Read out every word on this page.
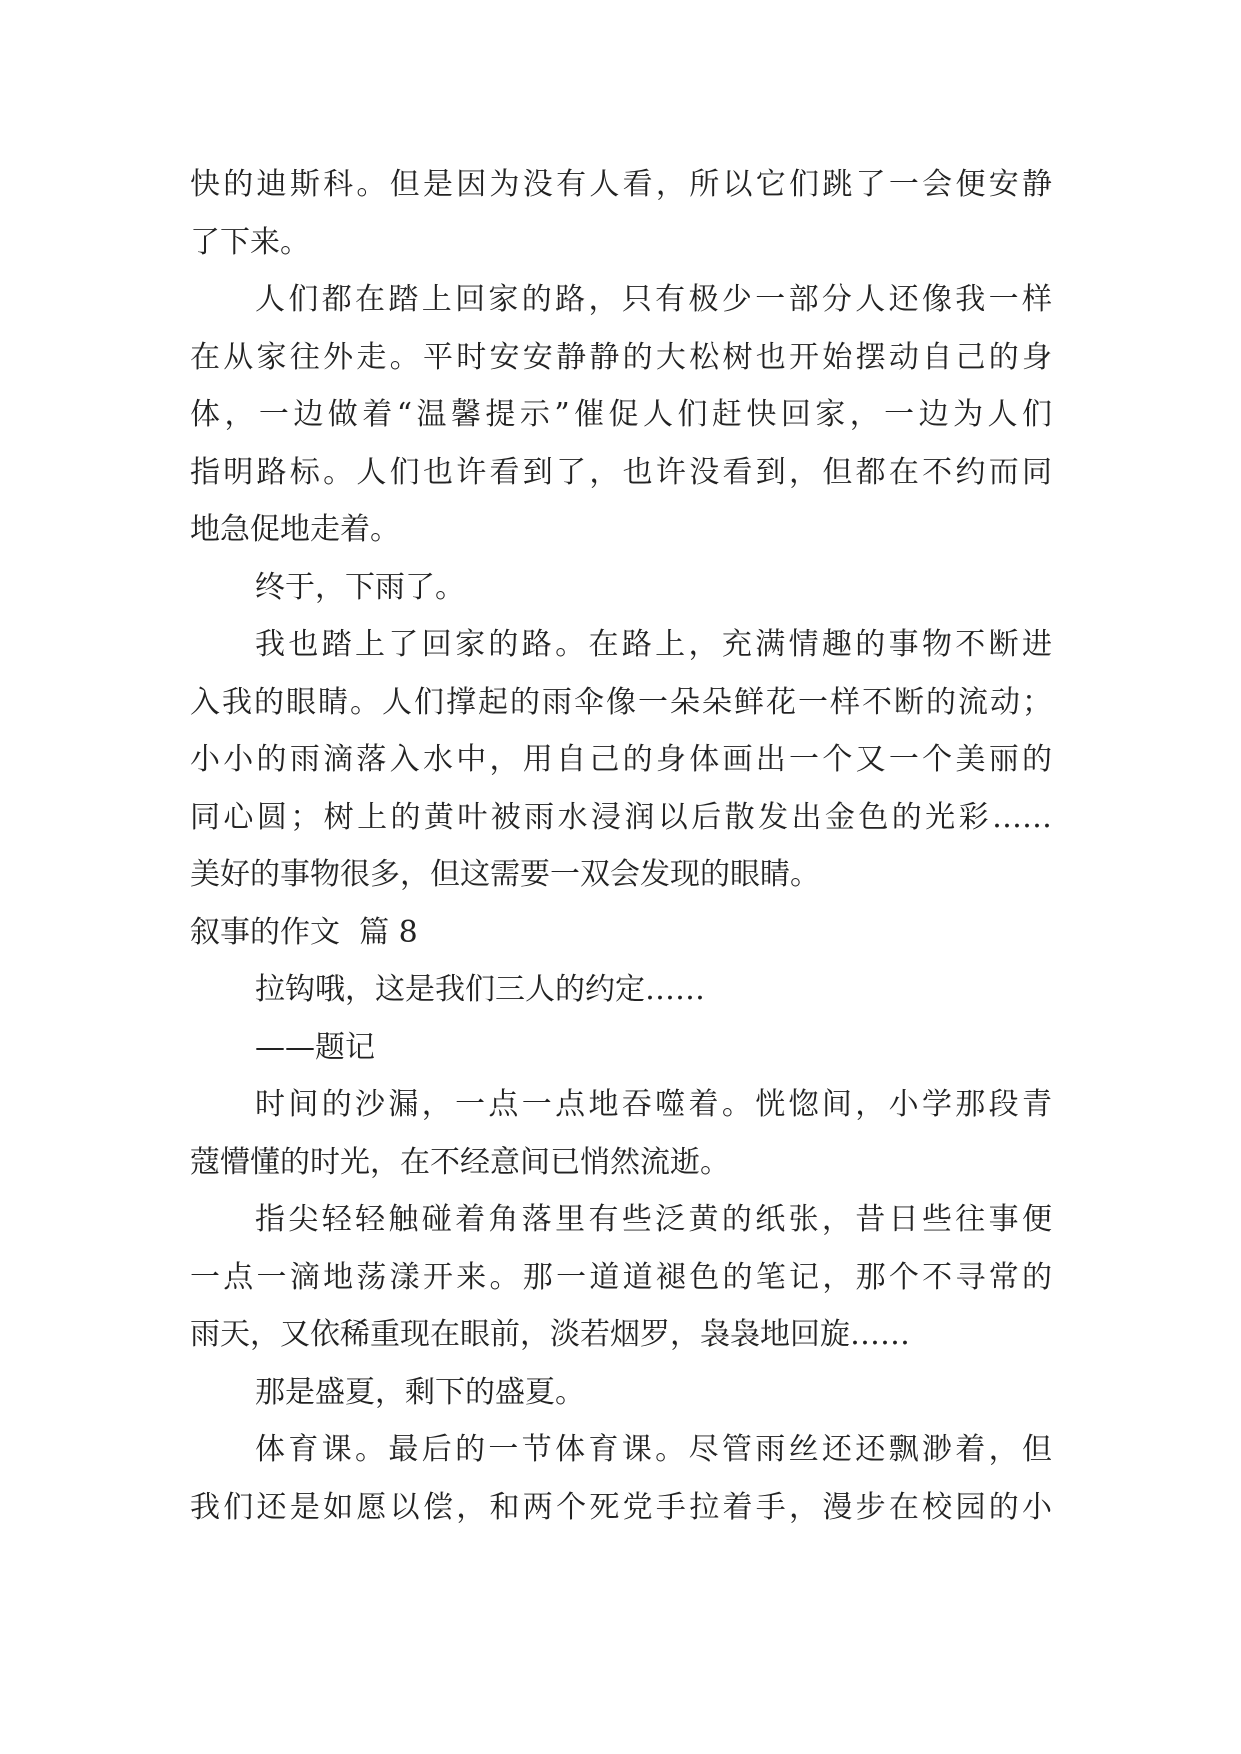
快的迪斯科。但是因为没有人看，所以它们跳了一会便安静
了下来。
人们都在踏上回家的路，只有极少一部分人还像我一样
在从家往外走。平时安安静静的大松树也开始摆动自己的身
体，一边做着“温馨提示”催促人们赶快回家，一边为人们
指明路标。人们也许看到了，也许没看到，但都在不约而同
地急促地走着。
终于，下雨了。
我也踏上了回家的路。在路上，充满情趣的事物不断进
入我的眼睛。人们撑起的雨伞像一朵朵鲜花一样不断的流动；
小小的雨滴落入水中，用自己的身体画出一个又一个美丽的
同心圆；树上的黄叶被雨水浸润以后散发出金色的光彩……
美好的事物很多，但这需要一双会发现的眼睛。
叙事的作文  篇 8
拉钩哦，这是我们三人的约定……
——题记
时间的沙漏，一点一点地吞噬着。恍惚间，小学那段青
蔻懵懂的时光，在不经意间已悄然流逝。
指尖轻轻触碰着角落里有些泛黄的纸张，昔日些往事便
一点一滴地荡漾开来。那一道道褪色的笔记，那个不寻常的
雨天，又依稀重现在眼前，淡若烟罗，袅袅地回旋……
那是盛夏，剩下的盛夏。
体育课。最后的一节体育课。尽管雨丝还还飘渺着，但
我们还是如愿以偿，和两个死党手拉着手，漫步在校园的小
